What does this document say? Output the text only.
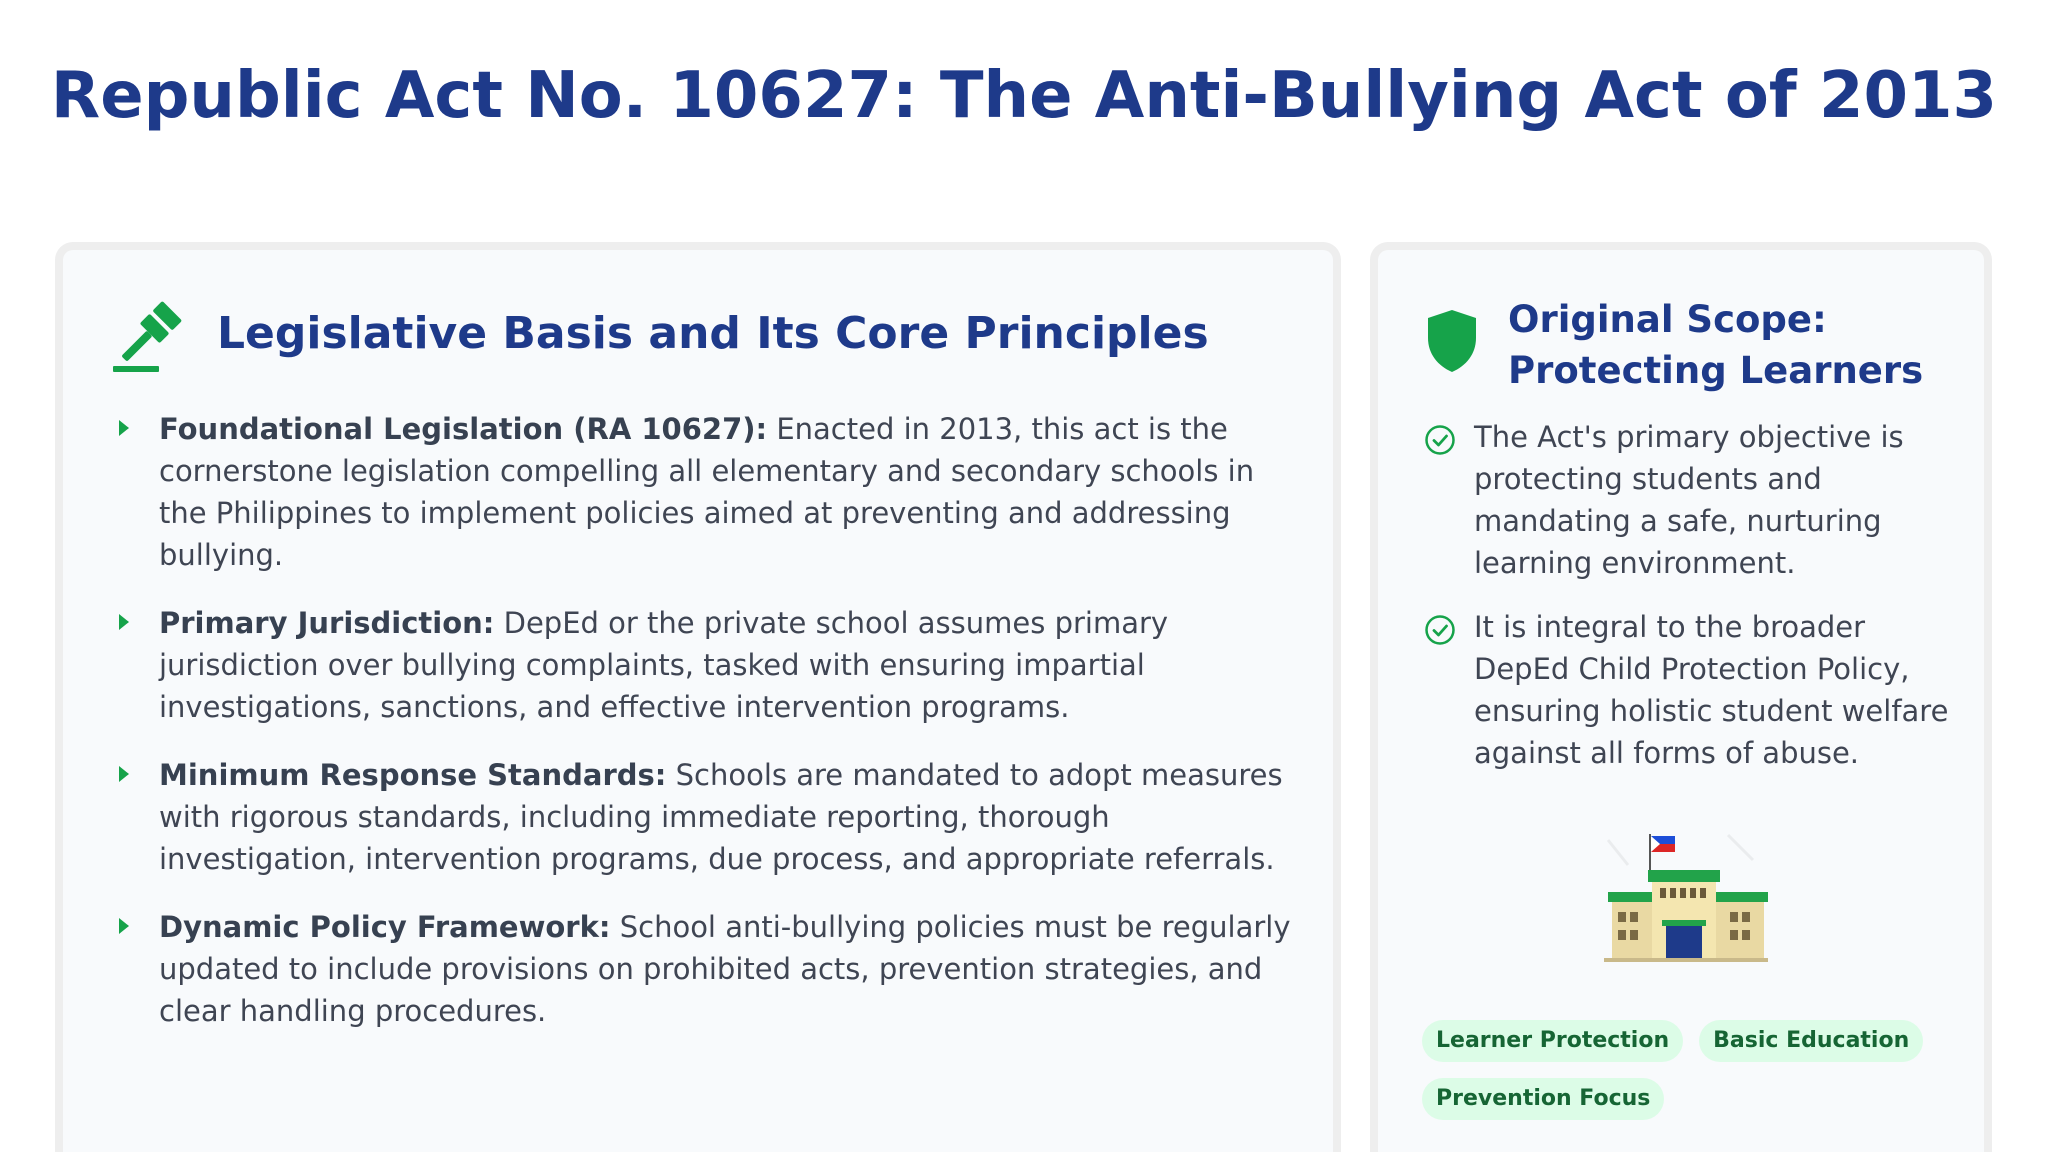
Republic Act No. 10627: The Anti-Bullying Act of 2013
Legislative Basis and Its Core Principles
Foundational Legislation (RA 10627): Enacted in 2013, this act is the cornerstone legislation compelling all elementary and secondary schools in the Philippines to implement policies aimed at preventing and addressing bullying.
Primary Jurisdiction: DepEd or the private school assumes primary jurisdiction over bullying complaints, tasked with ensuring impartial investigations, sanctions, and effective intervention programs.
Minimum Response Standards: Schools are mandated to adopt measures with rigorous standards, including immediate reporting, thorough investigation, intervention programs, due process, and appropriate referrals.
Dynamic Policy Framework: School anti-bullying policies must be regularly updated to include provisions on prohibited acts, prevention strategies, and clear handling procedures.
Original Scope: Protecting Learners
The Act's primary objective is protecting students and mandating a safe, nurturing learning environment.
It is integral to the broader DepEd Child Protection Policy, ensuring holistic student welfare against all forms of abuse.
Learner Protection	Basic Education
Prevention Focus
